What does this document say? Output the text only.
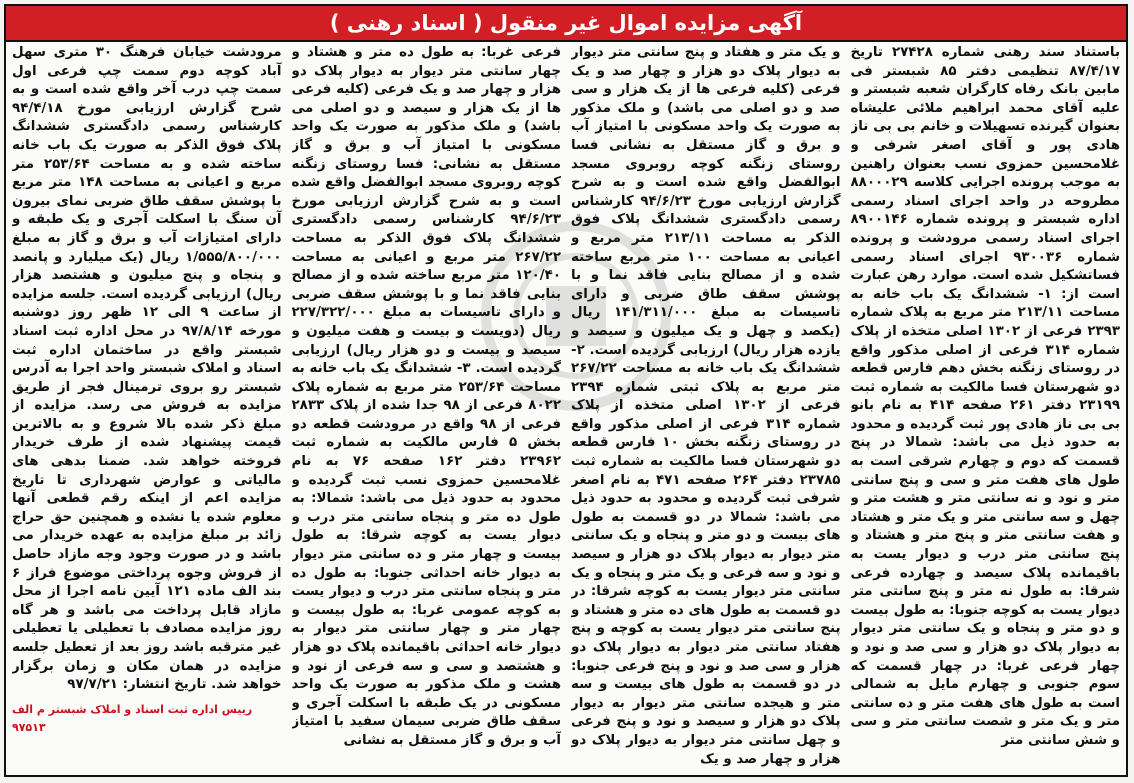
آگهی مزایده اموال غیر منقول ( اسناد رهنی )

باستناد سند رهنی شماره ۲۷۴۲۸ تاریخ ۸۷/۴/۱۷ تنظیمی دفتر ۸۵ شبستر فی مابین بانک رفاه کارگران شعبه شبستر و علیه آقای محمد ابراهیم ملائی علیشاه بعنوان گیرنده تسهیلات و خانم بی بی ناز هادی پور و آقای اصغر شرفی و غلامحسین حمزوی نسب بعنوان راهنین به موجب پرونده اجرایی کلاسه ۸۸۰۰۰۲۹ مطروحه در واحد اجرای اسناد رسمی اداره شبستر و پرونده شماره ۸۹۰۰۱۴۶ اجرای اسناد رسمی مرودشت و پرونده شماره ۹۳۰۰۳۶ اجرای اسناد رسمی فساتشکیل شده است. موارد رهن عبارت است از: ۱- ششدانگ یک باب خانه به مساحت ۲۱۳/۱۱ متر مربع به پلاک شماره ۲۳۹۳ فرعی از ۱۳۰۲ اصلی متخذه از پلاک شماره ۳۱۴ فرعی از اصلی مذکور واقع در روستای زنگنه بخش دهم فارس قطعه دو شهرستان فسا مالکیت به شماره ثبت ۲۳۱۹۹ دفتر ۲۶۱ صفحه ۴۱۴ به نام بانو بی بی ناز هادی پور ثبت گردیده و محدود به حدود ذیل می باشد: شمالا در پنج قسمت که دوم و چهارم شرقی است به طول های هفت متر و سی و پنج سانتی متر و نود و نه سانتی متر و هشت متر و چهل و سه سانتی متر و یک متر و هشتاد و هفت سانتی متر و پنج متر و هشتاد و پنج سانتی متر درب و دیوار یست به باقیمانده پلاک سیصد و چهارده فرعی شرقا: به طول نه متر و پنج سانتی متر دیوار یست به کوچه جنوبا: به طول بیست و دو متر و پنجاه و یک سانتی متر دیوار به دیوار پلاک دو هزار و سی صد و نود و چهار فرعی غربا: در چهار قسمت که سوم جنوبی و چهارم مایل به شمالی است به طول های هفت متر و ده سانتی متر و یک متر و شصت سانتی متر و سی و شش سانتی متر

و یک متر و هفتاد و پنج سانتی متر دیوار به دیوار پلاک دو هزار و چهار صد و یک فرعی (کلیه فرعی ها از یک هزار و سی صد و دو اصلی می باشد) و ملک مذکور به صورت یک واحد مسکونی با امتیاز آب و برق و گاز مستقل به نشانی فسا روستای زنگنه کوچه روبروی مسجد ابوالفضل واقع شده است و به شرح گزارش ارزیابی مورخ ۹۴/۶/۲۳ کارشناس رسمی دادگستری ششدانگ پلاک فوق الذکر به مساحت ۲۱۳/۱۱ متر مربع و اعیانی به مساحت ۱۰۰ متر مربع ساخته شده و از مصالح بنایی فاقد نما و با پوشش سقف طاق ضربی و دارای تاسیسات به مبلغ ۱۴۱/۳۱۱/۰۰۰ ریال (یکصد و چهل و یک میلیون و سیصد و یازده هزار ریال) ارزیابی گردیده است. ۲- ششدانگ یک باب خانه به مساحت ۲۶۷/۲۲ متر مربع به پلاک ثبتی شماره ۲۳۹۴ فرعی از ۱۳۰۲ اصلی متخذه از پلاک شماره ۳۱۴ فرعی از اصلی مذکور واقع در روستای زنگنه بخش ۱۰ فارس قطعه دو شهرستان فسا مالکیت به شماره ثبت ۲۳۷۸۵ دفتر ۲۶۴ صفحه ۴۷۱ به نام اصغر شرفی ثبت گردیده و محدود به حدود ذیل می باشد: شمالا در دو قسمت به طول های بیست و دو متر و پنجاه و یک سانتی متر دیوار به دیوار پلاک دو هزار و سیصد و نود و سه فرعی و یک متر و پنجاه و یک سانتی متر دیوار یست به کوچه شرقا: در دو قسمت به طول های ده متر و هشتاد و پنج سانتی متر دیوار یست به کوچه و پنج هفتاد سانتی متر دیوار به دیوار پلاک دو هزار و سی صد و نود و پنج فرعی جنوبا: در دو قسمت به طول های بیست و سه متر و هیجده سانتی متر دیوار به دیوار پلاک دو هزار و سیصد و نود و پنج فرعی و چهل سانتی متر دیوار به دیوار پلاک دو هزار و چهار صد و یک

فرعی غربا: به طول ده متر و هشتاد و چهار سانتی متر دیوار به دیوار پلاک دو هزار و چهار صد و یک فرعی (کلیه فرعی ها از یک هزار و سیصد و دو اصلی می باشد) و ملک مذکور به صورت یک واحد مسکونی با امتیاز آب و برق و گاز مستقل به نشانی: فسا روستای زنگنه کوچه روبروی مسجد ابوالفضل واقع شده است و به شرح گزارش ارزیابی مورخ ۹۴/۶/۲۳ کارشناس رسمی دادگستری ششدانگ پلاک فوق الذکر به مساحت ۲۶۷/۲۲ متر مربع و اعیانی به مساحت ۱۲۰/۴۰ متر مربع ساخته شده و از مصالح بنایی فاقد نما و با پوشش سقف ضربی و دارای تاسیسات به مبلغ ۲۲۷/۳۲۲/۰۰۰ ریال (دویست و بیست و هفت میلیون و سیصد و بیست و دو هزار ریال) ارزیابی گردیده است. ۳- ششدانگ یک باب خانه به مساحت ۲۵۳/۶۴ متر مربع به شماره پلاک ۸۰۲۲ فرعی از ۹۸ جدا شده از پلاک ۲۸۳۳ فرعی از ۹۸ واقع در مرودشت قطعه دو بخش ۵ فارس مالکیت به شماره ثبت ۲۳۹۶۲ دفتر ۱۶۲ صفحه ۷۶ به نام غلامحسین حمزوی نسب ثبت گردیده و محدود به حدود ذیل می باشد: شمالا: به طول ده متر و پنجاه سانتی متر درب و دیوار یست به کوچه شرقا: به طول بیست و چهار متر و ده سانتی متر دیوار به دیوار خانه احداثی جنوبا: به طول ده متر و پنجاه سانتی متر درب و دیوار یست به کوچه عمومی غربا: به طول بیست و چهار متر و چهار سانتی متر دیوار به دیوار خانه احداثی باقیمانده پلاک دو هزار و هشتصد و سی و سه فرعی از نود و هشت و ملک مذکور به صورت یک واحد مسکونی در یک طبقه با اسکلت آجری و سقف طاق ضربی سیمان سفید با امتیاز آب و برق و گاز مستقل به نشانی

مرودشت خیابان فرهنگ ۳۰ متری سهل آباد کوچه دوم سمت چپ فرعی اول سمت چپ درب آخر واقع شده است و به شرح گزارش ارزیابی مورخ ۹۴/۴/۱۸ کارشناس رسمی دادگستری ششدانگ پلاک فوق الذکر به صورت یک باب خانه ساخته شده و به مساحت ۲۵۳/۶۴ متر مربع و اعیانی به مساحت ۱۴۸ متر مربع با پوشش سقف طاق ضربی نمای بیرون آن سنگ با اسکلت آجری و یک طبقه و دارای امتیازات آب و برق و گاز به مبلغ ۱/۵۵۵/۸۰۰/۰۰۰ ریال (یک میلیارد و پانصد و پنجاه و پنج میلیون و هشتصد هزار ریال) ارزیابی گردیده است. جلسه مزایده از ساعت ۹ الی ۱۲ ظهر روز دوشنبه مورخه ۹۷/۸/۱۴ در محل اداره ثبت اسناد شبستر واقع در ساختمان اداره ثبت اسناد و املاک شبستر واحد اجرا به آدرس شبستر رو بروی ترمینال فجر از طریق مزایده به فروش می رسد. مزایده از مبلغ ذکر شده بالا شروع و به بالاترین قیمت پیشنهاد شده از طرف خریدار فروخته خواهد شد. ضمنا بدهی های مالیاتی و عوارض شهرداری تا تاریخ مزایده اعم از اینکه رقم قطعی آنها معلوم شده یا نشده و همچنین حق حراج زائد بر مبلغ مزایده به عهده خریدار می باشد و در صورت وجود وجه مازاد حاصل از فروش وجوه پرداختی موضوع فراز ۶ بند الف ماده ۱۲۱ آیین نامه اجرا از محل مازاد قابل پرداخت می باشد و هر گاه روز مزایده مصادف با تعطیلی یا تعطیلی غیر مترقبه باشد روز بعد از تعطیل جلسه مزایده در همان مکان و زمان برگزار خواهد شد. تاریخ انتشار: ۹۷/۷/۲۱

رییس اداره ثبت اسناد و املاک شبستر م الف ۹۷۵۱۳
